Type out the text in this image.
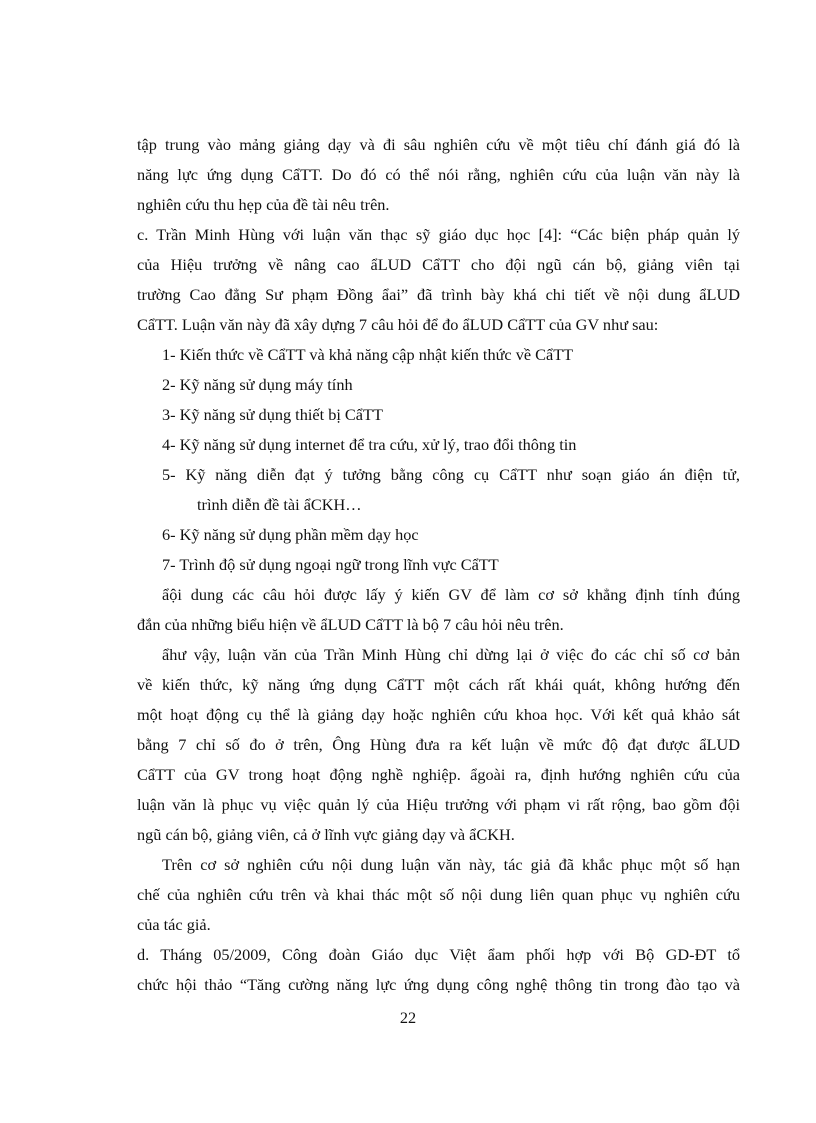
tập trung vào mảng giảng dạy và đi sâu nghiên cứu về một tiêu chí đánh giá đó là
năng lực ứng dụng CẩTT. Do đó có thể nói rằng, nghiên cứu của luận văn này là
nghiên cứu thu hẹp của đề tài nêu trên.
c. Trần Minh Hùng với luận văn thạc sỹ giáo dục học [4]: “Các biện pháp quản lý
của Hiệu trưởng về nâng cao ẩLUD CẩTT cho đội ngũ cán bộ, giảng viên tại
trường Cao đẳng Sư phạm Đồng ẩai” đã trình bày khá chi tiết về nội dung ẩLUD
CẩTT. Luận văn này đã xây dựng 7 câu hỏi để đo ẩLUD CẩTT của GV như sau:
1- Kiến thức về CẩTT và khả năng cập nhật kiến thức về CẩTT
2- Kỹ năng sử dụng máy tính
3- Kỹ năng sử dụng thiết bị CẩTT
4- Kỹ năng sử dụng internet để tra cứu, xử lý, trao đổi thông tin
5- Kỹ năng diễn đạt ý tưởng bằng công cụ CẩTT như soạn giáo án điện tử,
trình diễn đề tài ẩCKH…
6- Kỹ năng sử dụng phần mềm dạy học
7- Trình độ sử dụng ngoại ngữ trong lĩnh vực CẩTT
ẩội dung các câu hỏi được lấy ý kiến GV để làm cơ sở khẳng định tính đúng
đắn của những biểu hiện về ẩLUD CẩTT là bộ 7 câu hỏi nêu trên.
ẩhư vậy, luận văn của Trần Minh Hùng chỉ dừng lại ở việc đo các chỉ số cơ bản
về kiến thức, kỹ năng ứng dụng CẩTT một cách rất khái quát, không hướng đến
một hoạt động cụ thể là giảng dạy hoặc nghiên cứu khoa học. Với kết quả khảo sát
bằng 7 chỉ số đo ở trên, Ông Hùng đưa ra kết luận về mức độ đạt được ẩLUD
CẩTT của GV trong hoạt động nghề nghiệp. ẩgoài ra, định hướng nghiên cứu của
luận văn là phục vụ việc quản lý của Hiệu trưởng với phạm vi rất rộng, bao gồm đội
ngũ cán bộ, giảng viên, cả ở lĩnh vực giảng dạy và ẩCKH.
Trên cơ sở nghiên cứu nội dung luận văn này, tác giả đã khắc phục một số hạn
chế của nghiên cứu trên và khai thác một số nội dung liên quan phục vụ nghiên cứu
của tác giả.
d. Tháng 05/2009, Công đoàn Giáo dục Việt ẩam phối hợp với Bộ GD-ĐT tổ
chức hội thảo “Tăng cường năng lực ứng dụng công nghệ thông tin trong đào tạo và
22
